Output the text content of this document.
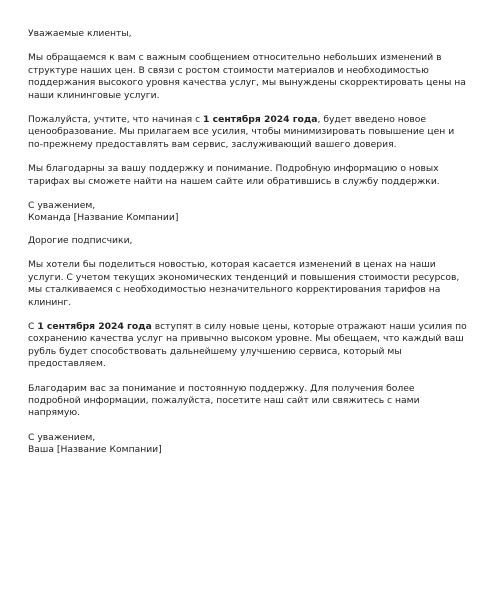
Уважаемые клиенты,

Мы обращаемся к вам с важным сообщением относительно небольших изменений в структуре наших цен. В связи с ростом стоимости материалов и необходимостью поддержания высокого уровня качества услуг, мы вынуждены скорректировать цены на наши клининговые услуги.

Пожалуйста, учтите, что начиная с 1 сентября 2024 года, будет введено новое ценообразование. Мы прилагаем все усилия, чтобы минимизировать повышение цен и по-прежнему предоставлять вам сервис, заслуживающий вашего доверия.

Мы благодарны за вашу поддержку и понимание. Подробную информацию о новых тарифах вы сможете найти на нашем сайте или обратившись в службу поддержки.

С уважением,

Команда [Название Компании]

Дорогие подписчики,

Мы хотели бы поделиться новостью, которая касается изменений в ценах на наши услуги. С учетом текущих экономических тенденций и повышения стоимости ресурсов, мы сталкиваемся с необходимостью незначительного корректирования тарифов на клининг.

С 1 сентября 2024 года вступят в силу новые цены, которые отражают наши усилия по сохранению качества услуг на привычно высоком уровне. Мы обещаем, что каждый ваш рубль будет способствовать дальнейшему улучшению сервиса, который мы предоставляем.

Благодарим вас за понимание и постоянную поддержку. Для получения более подробной информации, пожалуйста, посетите наш сайт или свяжитесь с нами напрямую.

С уважением,

Ваша [Название Компании]
